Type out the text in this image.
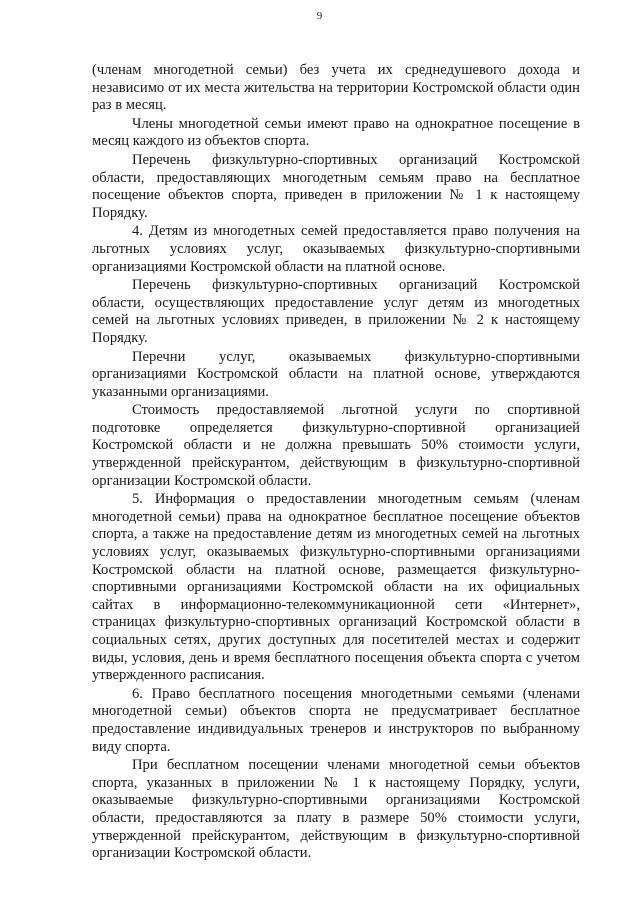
9

(членам многодетной семьи) без учета их среднедушевого дохода и независимо от их места жительства на территории Костромской области один раз в месяц.

Члены многодетной семьи имеют право на однократное посещение в месяц каждого из объектов спорта.

Перечень физкультурно-спортивных организаций Костромской области, предоставляющих многодетным семьям право на бесплатное посещение объектов спорта, приведен в приложении № 1 к настоящему Порядку.

4. Детям из многодетных семей предоставляется право получения на льготных условиях услуг, оказываемых физкультурно-спортивными организациями Костромской области на платной основе.

Перечень физкультурно-спортивных организаций Костромской области, осуществляющих предоставление услуг детям из многодетных семей на льготных условиях приведен, в приложении № 2 к настоящему Порядку.

Перечни услуг, оказываемых физкультурно-спортивными организациями Костромской области на платной основе, утверждаются указанными организациями.

Стоимость предоставляемой льготной услуги по спортивной подготовке определяется физкультурно-спортивной организацией Костромской области и не должна превышать 50% стоимости услуги, утвержденной прейскурантом, действующим в физкультурно-спортивной организации Костромской области.

5. Информация о предоставлении многодетным семьям (членам многодетной семьи) права на однократное бесплатное посещение объектов спорта, а также на предоставление детям из многодетных семей на льготных условиях услуг, оказываемых физкультурно-спортивными организациями Костромской области на платной основе, размещается физкультурно-спортивными организациями Костромской области на их официальных сайтах в информационно-телекоммуникационной сети «Интернет», страницах физкультурно-спортивных организаций Костромской области в социальных сетях, других доступных для посетителей местах и содержит виды, условия, день и время бесплатного посещения объекта спорта с учетом утвержденного расписания.

6. Право бесплатного посещения многодетными семьями (членами многодетной семьи) объектов спорта не предусматривает бесплатное предоставление индивидуальных тренеров и инструкторов по выбранному виду спорта.

При бесплатном посещении членами многодетной семьи объектов спорта, указанных в приложении № 1 к настоящему Порядку, услуги, оказываемые физкультурно-спортивными организациями Костромской области, предоставляются за плату в размере 50% стоимости услуги, утвержденной прейскурантом, действующим в физкультурно-спортивной организации Костромской области.
